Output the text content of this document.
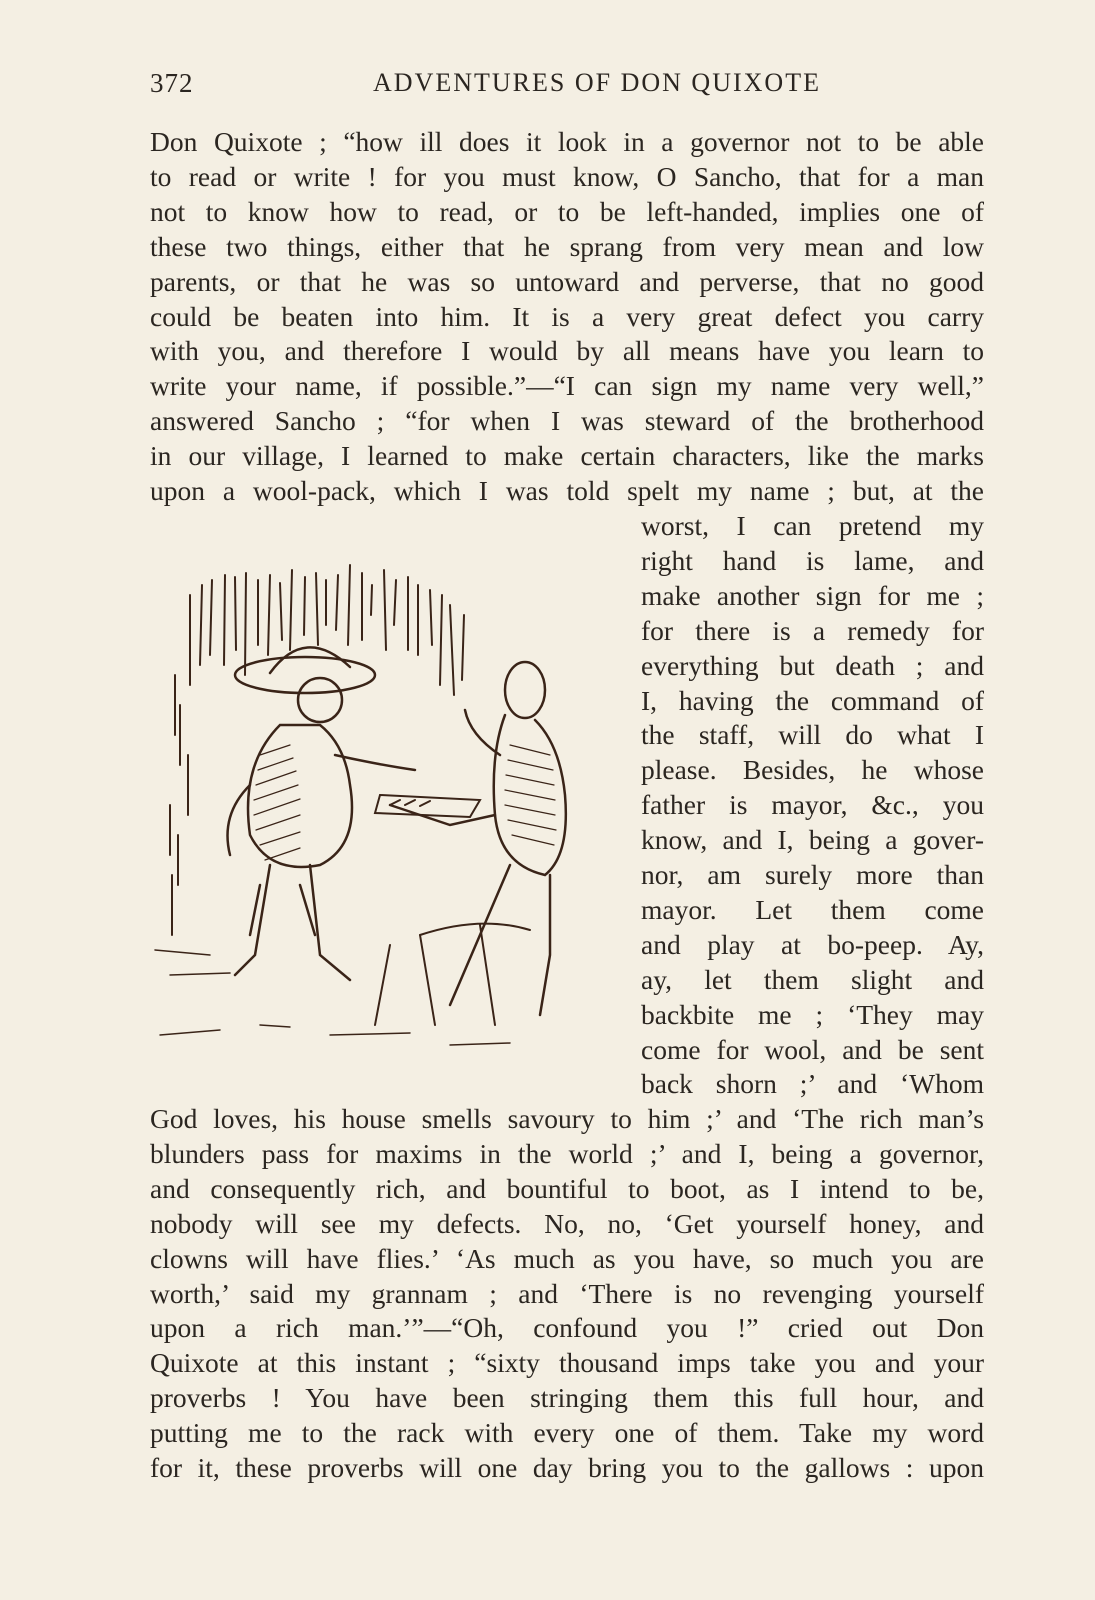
372	ADVENTURES OF DON QUIXOTE
Don Quixote ; “how ill does it look in a governor not to be able
to read or write ! for you must know, O Sancho, that for a man
not to know how to read, or to be left-handed, implies one of
these two things, either that he sprang from very mean and low
parents, or that he was so untoward and perverse, that no good
could be beaten into him. It is a very great defect you carry
with you, and therefore I would by all means have you learn to
write your name, if possible.”—“I can sign my name very well,”
answered Sancho ; “for when I was steward of the brotherhood
in our village, I learned to make certain characters, like the marks
upon a wool-pack, which I was told spelt my name ; but, at the
worst, I can pretend my
right hand is lame, and
make another sign for me ;
for there is a remedy for
everything but death ; and
I, having the command of
the staff, will do what I
please. Besides, he whose
father is mayor, &c., you
know, and I, being a gover-
nor, am surely more than
mayor. Let them come
and play at bo-peep. Ay,
ay, let them slight and
backbite me ; ‘They may
come for wool, and be sent
back shorn ;’ and ‘Whom
God loves, his house smells savoury to him ;’ and ‘The rich man’s
blunders pass for maxims in the world ;’ and I, being a governor,
and consequently rich, and bountiful to boot, as I intend to be,
nobody will see my defects. No, no, ‘Get yourself honey, and
clowns will have flies.’ ‘As much as you have, so much you are
worth,’ said my grannam ; and ‘There is no revenging yourself
upon a rich man.’”—“Oh, confound you !” cried out Don
Quixote at this instant ; “sixty thousand imps take you and your
proverbs ! You have been stringing them this full hour, and
putting me to the rack with every one of them. Take my word
for it, these proverbs will one day bring you to the gallows : upon
